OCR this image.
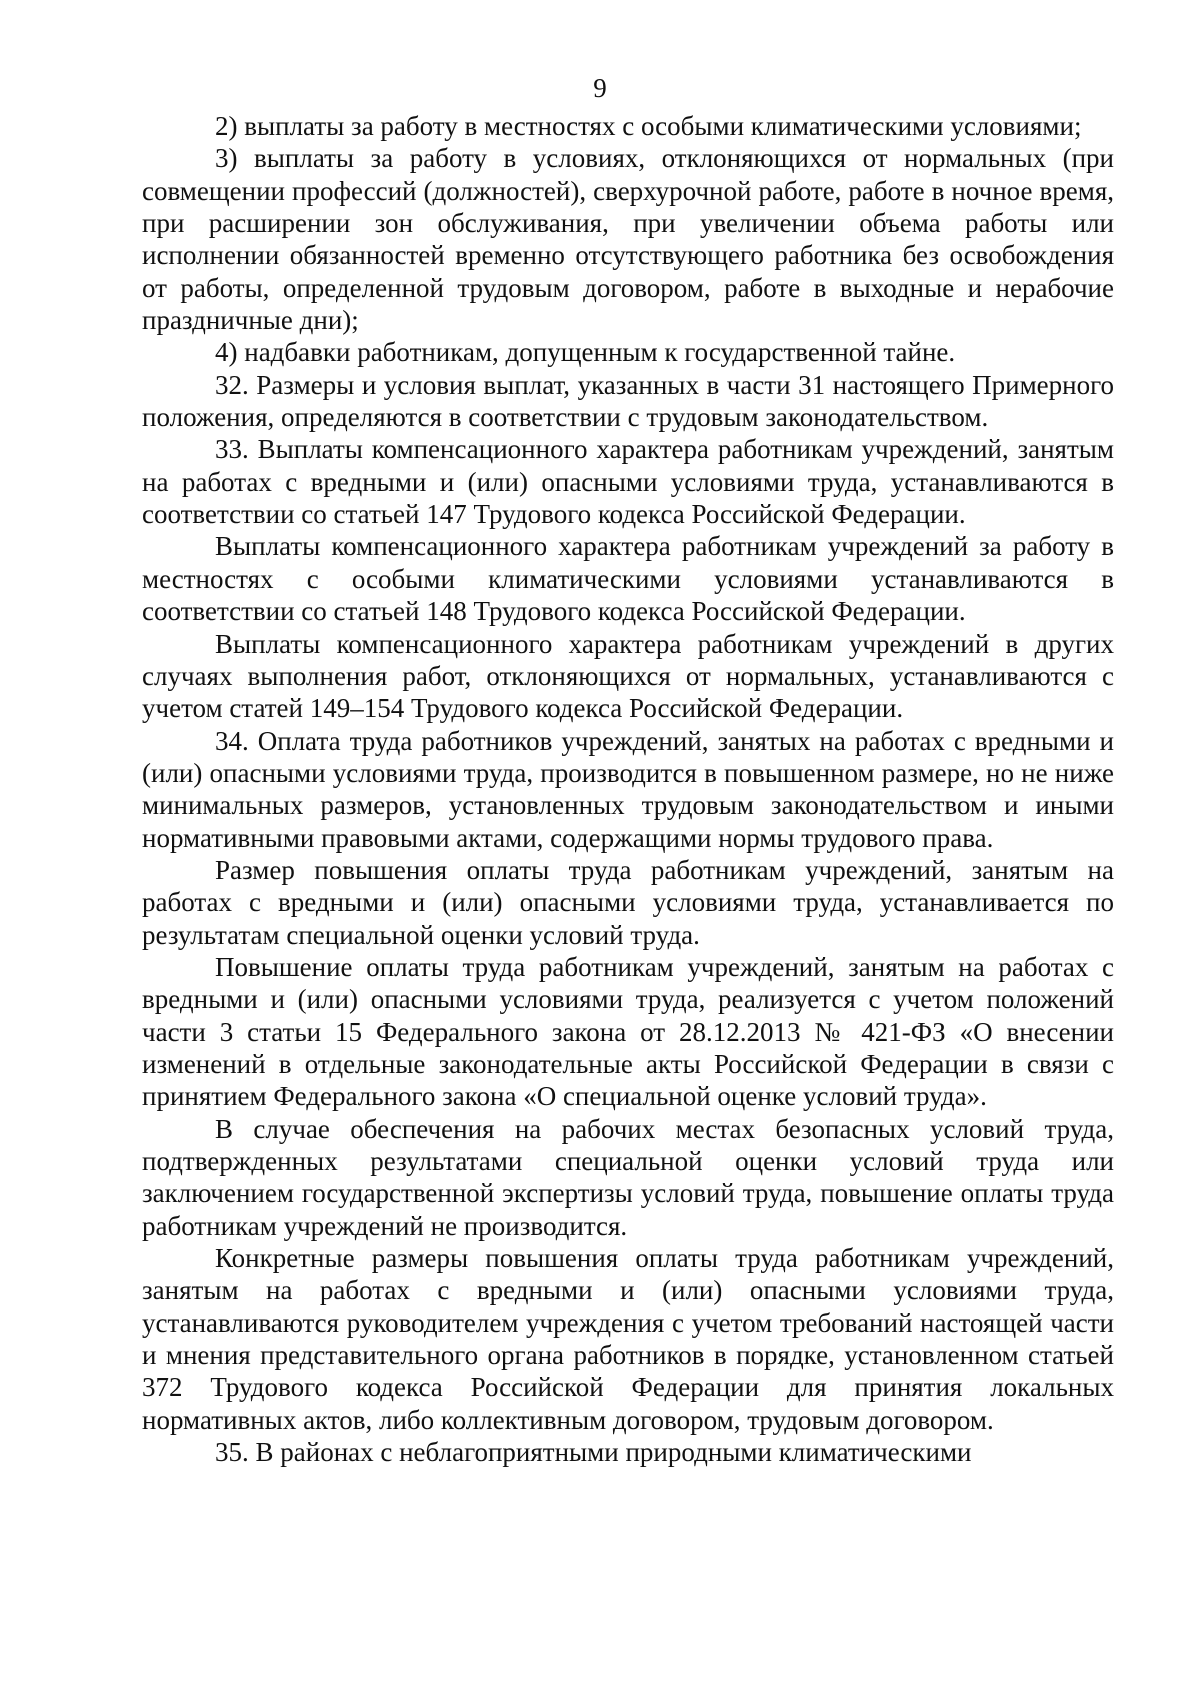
9

2) выплаты за работу в местностях с особыми климатическими условиями;

3) выплаты за работу в условиях, отклоняющихся от нормальных (при совмещении профессий (должностей), сверхурочной работе, работе в ночное время, при расширении зон обслуживания, при увеличении объема работы или исполнении обязанностей временно отсутствующего работника без освобождения от работы, определенной трудовым договором, работе в выходные и нерабочие праздничные дни);

4) надбавки работникам, допущенным к государственной тайне.

32. Размеры и условия выплат, указанных в части 31 настоящего Примерного положения, определяются в соответствии с трудовым законодательством.

33. Выплаты компенсационного характера работникам учреждений, занятым на работах с вредными и (или) опасными условиями труда, устанавливаются в соответствии со статьей 147 Трудового кодекса Российской Федерации.

Выплаты компенсационного характера работникам учреждений за работу в местностях с особыми климатическими условиями устанавливаются в соответствии со статьей 148 Трудового кодекса Российской Федерации.

Выплаты компенсационного характера работникам учреждений в других случаях выполнения работ, отклоняющихся от нормальных, устанавливаются с учетом статей 149–154 Трудового кодекса Российской Федерации.

34. Оплата труда работников учреждений, занятых на работах с вредными и (или) опасными условиями труда, производится в повышенном размере, но не ниже минимальных размеров, установленных трудовым законодательством и иными нормативными правовыми актами, содержащими нормы трудового права.

Размер повышения оплаты труда работникам учреждений, занятым на работах с вредными и (или) опасными условиями труда, устанавливается по результатам специальной оценки условий труда.

Повышение оплаты труда работникам учреждений, занятым на работах с вредными и (или) опасными условиями труда, реализуется с учетом положений части 3 статьи 15 Федерального закона от 28.12.2013 № 421-ФЗ «О внесении изменений в отдельные законодательные акты Российской Федерации в связи с принятием Федерального закона «О специальной оценке условий труда».

В случае обеспечения на рабочих местах безопасных условий труда, подтвержденных результатами специальной оценки условий труда или заключением государственной экспертизы условий труда, повышение оплаты труда работникам учреждений не производится.

Конкретные размеры повышения оплаты труда работникам учреждений, занятым на работах с вредными и (или) опасными условиями труда, устанавливаются руководителем учреждения с учетом требований настоящей части и мнения представительного органа работников в порядке, установленном статьей 372 Трудового кодекса Российской Федерации для принятия локальных нормативных актов, либо коллективным договором, трудовым договором.

35. В районах с неблагоприятными природными климатическими
